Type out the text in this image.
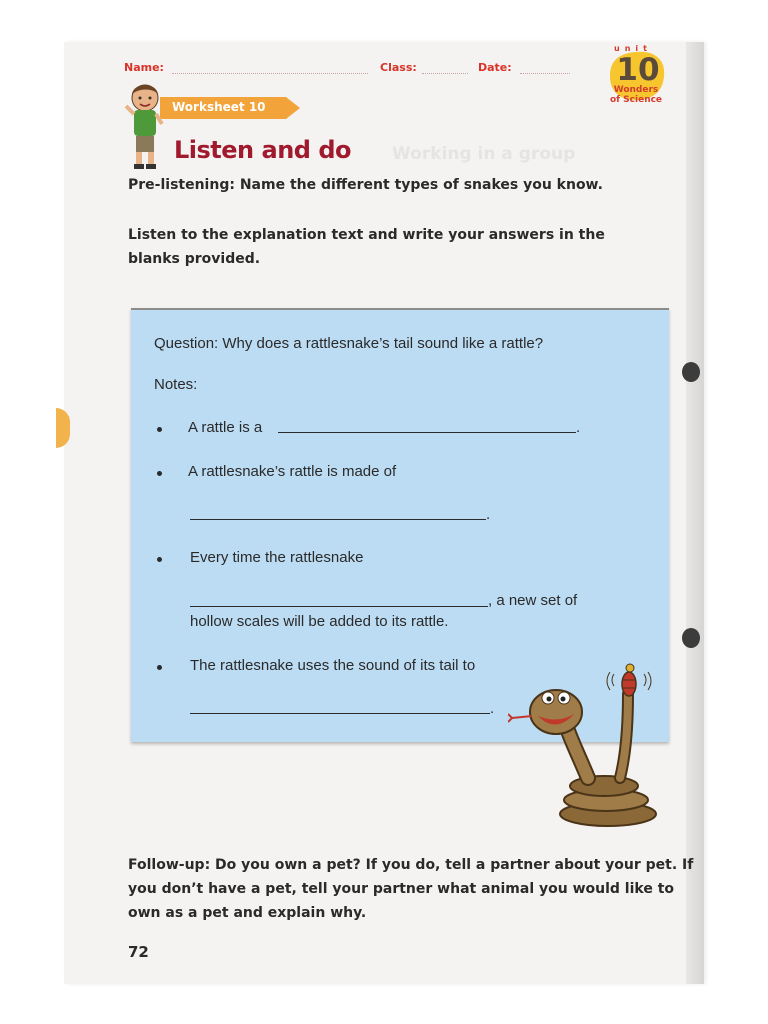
Name:	Class:	Date:
unit
10
Wonders
of Science
Worksheet 10
Listen and do Working in a group
Pre-listening: Name the different types of snakes you know.
Listen to the explanation text and write your answers in the blanks provided.
Question: Why does a rattlesnake’s tail sound like a rattle?
Notes:
A rattle is a	.
A rattlesnake’s rattle is made of
.
Every time the rattlesnake
, a new set of
hollow scales will be added to its rattle.
The rattlesnake uses the sound of its tail to
.
Follow-up: Do you own a pet? If you do, tell a partner about your pet. If you don’t have a pet, tell your partner what animal you would like to own as a pet and explain why.
72
